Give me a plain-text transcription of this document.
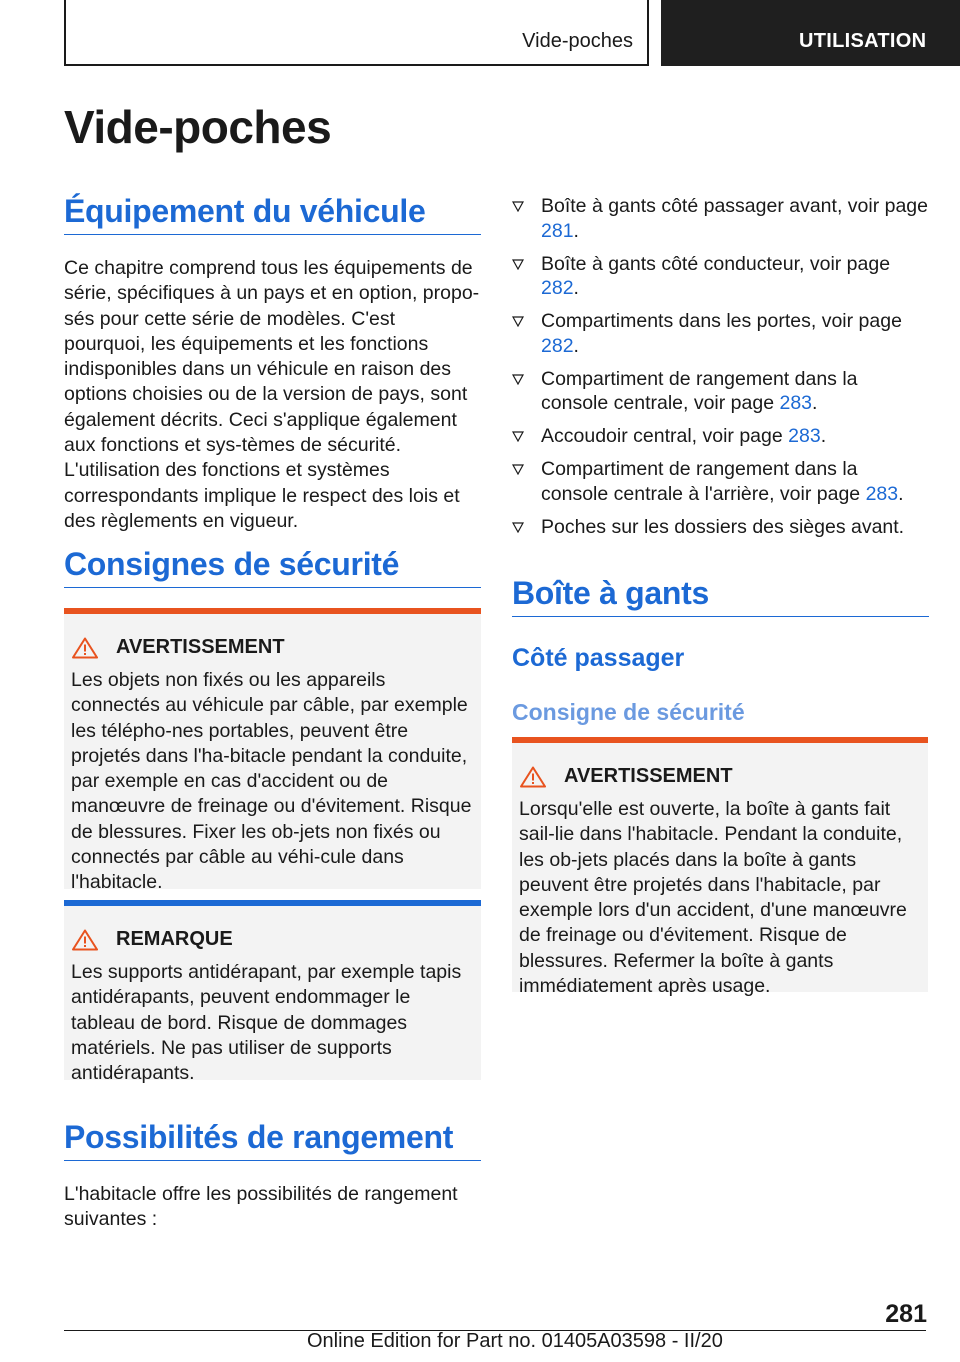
Vide-poches	UTILISATION
Vide-poches
Équipement du véhicule

Ce chapitre comprend tous les équipements de série, spécifiques à un pays et en option, propo-sés pour cette série de modèles. C'est pourquoi, les équipements et les fonctions indisponibles dans un véhicule en raison des options choisies ou de la version de pays, sont également décrits. Ceci s'applique également aux fonctions et sys-tèmes de sécurité. L'utilisation des fonctions et systèmes correspondants implique le respect des lois et des règlements en vigueur.

Consignes de sécurité
AVERTISSEMENT

Les objets non fixés ou les appareils connectés au véhicule par câble, par exemple les télépho-nes portables, peuvent être projetés dans l'ha-bitacle pendant la conduite, par exemple en cas d'accident ou de manœuvre de freinage ou d'évitement. Risque de blessures. Fixer les ob-jets non fixés ou connectés par câble au véhi-cule dans l'habitacle.

REMARQUE

Les supports antidérapant, par exemple tapis antidérapants, peuvent endommager le tableau de bord. Risque de dommages matériels. Ne pas utiliser de supports antidérapants.

Possibilités de rangement

L'habitacle offre les possibilités de rangement suivantes :

Boîte à gants côté passager avant, voir page 281.
Boîte à gants côté conducteur, voir page 282.
Compartiments dans les portes, voir page 282.
Compartiment de rangement dans la console centrale, voir page 283.
Accoudoir central, voir page 283.
Compartiment de rangement dans la console centrale à l'arrière, voir page 283.
Poches sur les dossiers des sièges avant.
Boîte à gants
Côté passager
Consigne de sécurité
AVERTISSEMENT

Lorsqu'elle est ouverte, la boîte à gants fait sail-lie dans l'habitacle. Pendant la conduite, les ob-jets placés dans la boîte à gants peuvent être projetés dans l'habitacle, par exemple lors d'un accident, d'une manœuvre de freinage ou d'évitement. Risque de blessures. Refermer la boîte à gants immédiatement après usage.

281
Online Edition for Part no. 01405A03598 - II/20
